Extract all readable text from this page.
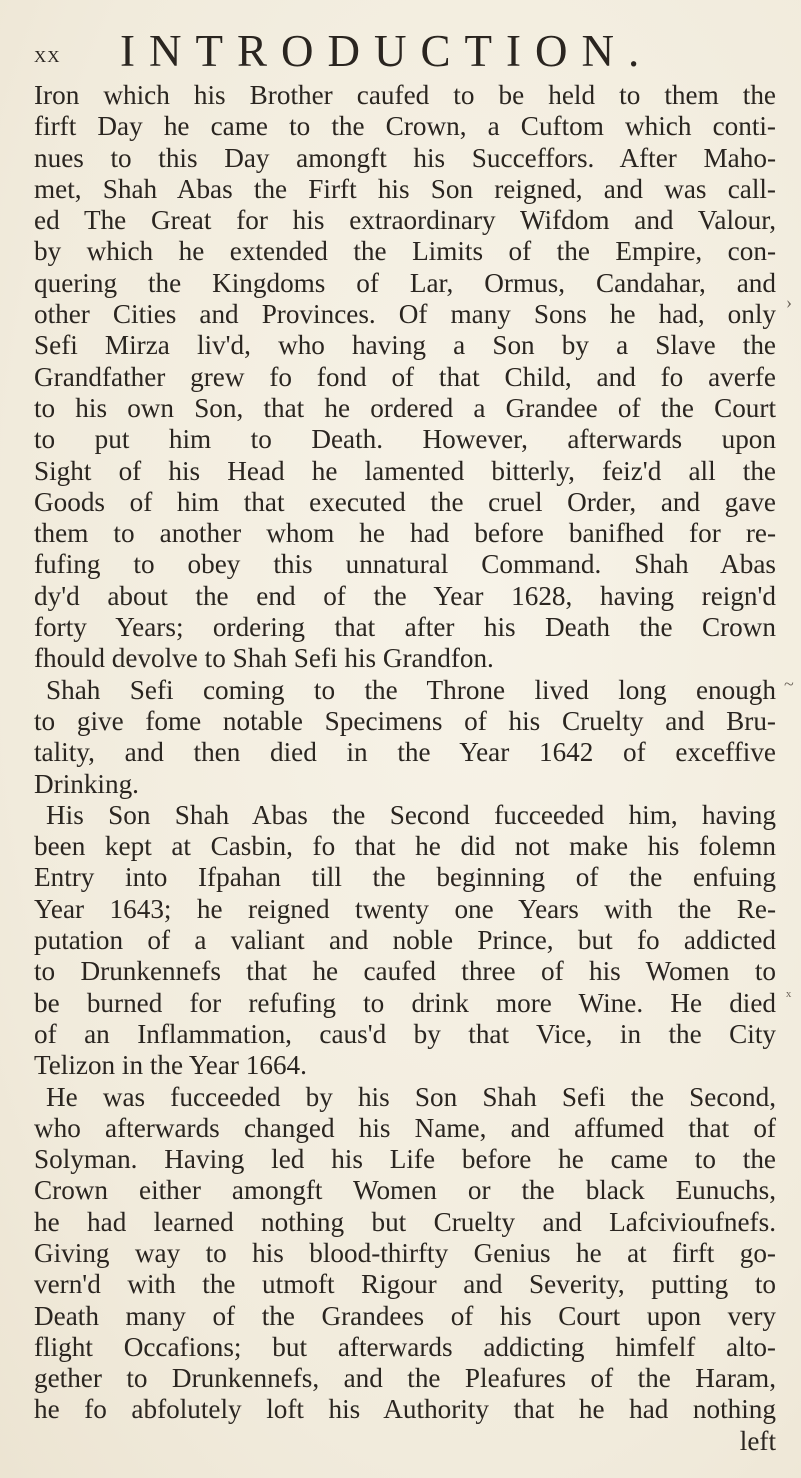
xx INTRODUCTION.
Iron which his Brother caufed to be held to them the
firft Day he came to the Crown, a Cuftom which conti-
nues to this Day amongft his Succeffors. After Maho-
met, Shah Abas the Firft his Son reigned, and was call-
ed The Great for his extraordinary Wifdom and Valour,
by which he extended the Limits of the Empire, con-
quering the Kingdoms of Lar, Ormus, Candahar, and
other Cities and Provinces. Of many Sons he had, only
Sefi Mirza liv'd, who having a Son by a Slave the
Grandfather grew fo fond of that Child, and fo averfe
to his own Son, that he ordered a Grandee of the Court
to put him to Death. However, afterwards upon
Sight of his Head he lamented bitterly, feiz'd all the
Goods of him that executed the cruel Order, and gave
them to another whom he had before banifhed for re-
fufing to obey this unnatural Command. Shah Abas
dy'd about the end of the Year 1628, having reign'd
forty Years; ordering that after his Death the Crown
fhould devolve to Shah Sefi his Grandfon.
Shah Sefi coming to the Throne lived long enough
to give fome notable Specimens of his Cruelty and Bru-
tality, and then died in the Year 1642 of exceffive
Drinking.
His Son Shah Abas the Second fucceeded him, having
been kept at Casbin, fo that he did not make his folemn
Entry into Ifpahan till the beginning of the enfuing
Year 1643; he reigned twenty one Years with the Re-
putation of a valiant and noble Prince, but fo addicted
to Drunkennefs that he caufed three of his Women to
be burned for refufing to drink more Wine. He died
of an Inflammation, caus'd by that Vice, in the City
Telizon in the Year 1664.
He was fucceeded by his Son Shah Sefi the Second,
who afterwards changed his Name, and affumed that of
Solyman. Having led his Life before he came to the
Crown either amongft Women or the black Eunuchs,
he had learned nothing but Cruelty and Lafcivioufnefs.
Giving way to his blood-thirfty Genius he at firft go-
vern'd with the utmoft Rigour and Severity, putting to
Death many of the Grandees of his Court upon very
flight Occafions; but afterwards addicting himfelf alto-
gether to Drunkennefs, and the Pleafures of the Haram,
he fo abfolutely loft his Authority that he had nothing
left
›
~
ˣ
